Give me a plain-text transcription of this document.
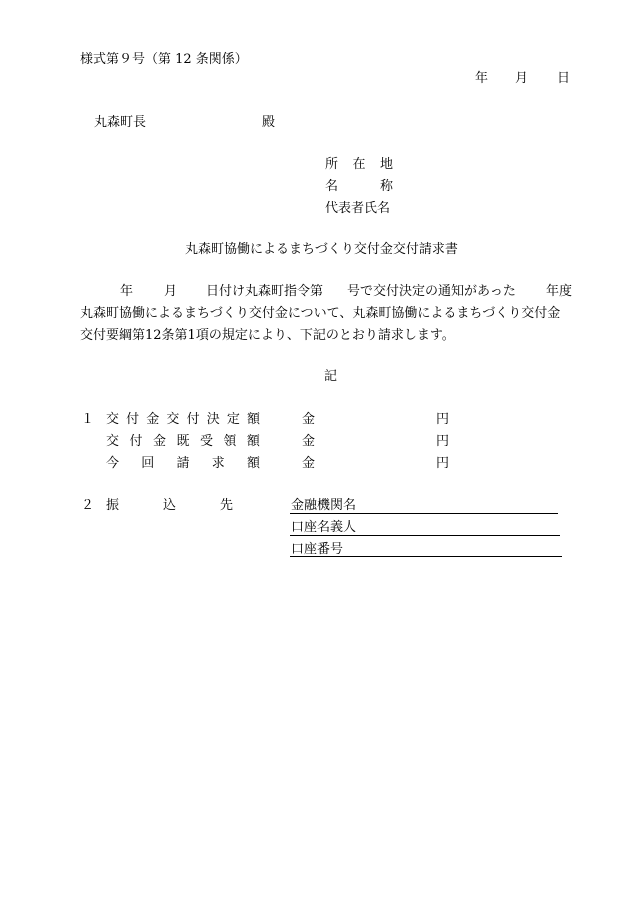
様式第９号（第 12 条関係）
年 月 日
丸森町長	殿
所 在 地
名	称
代表者氏名
丸森町協働によるまちづくり交付金交付請求書
年 月 日付け丸森町指令第 号で交付決定の通知があった 年度
丸森町協働によるまちづくり交付金について、丸森町協働によるまちづくり交付金
交付要綱第12条第1項の規定により、下記のとおり請求します。
記
１ 交 付 金 交 付 決 定 額	金	円
交 付 金 既 受 領 額	金	円
今 回 請 求 額	金	円
２ 振	込	先	金融機関名
口座名義人
口座番号
